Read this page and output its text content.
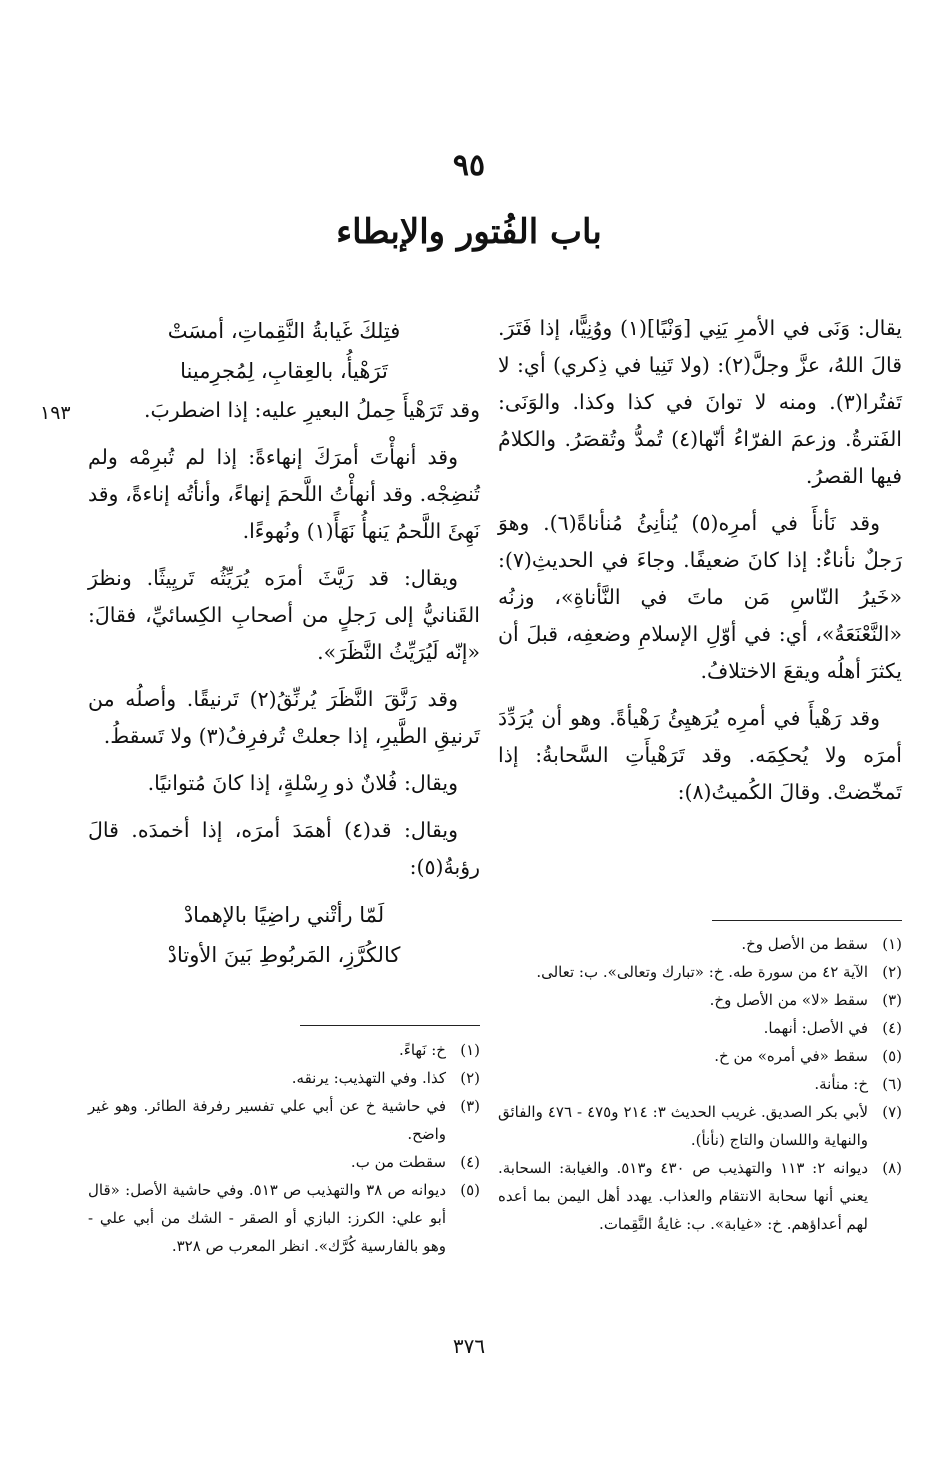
٩٥
باب الفُتور والإبطاء

يقال: وَنَى في الأمرِ يَنِي [وَنْيًا](١) ووُنِيًّا، إذا فَتَرَ. قالَ اللهُ، عزَّ وجلَّ(٢): (ولا تَنِيا في ذِكري) أي: لا تَفتُرا(٣). ومنه لا توانَ في كذا وكذا. والوَنَى: الفَترةُ. وزعمَ الفرّاءُ أنّها(٤) تُمدُّ وتُقصَرُ. والكلامُ فيها القصرُ.

وقد نَأنأَ في أمرِه(٥) يُنأنِئُ مُنأناةً(٦). وهوَ رَجلٌ نأناءٌ: إذا كانَ ضعيفًا. وجاءَ في الحديثِ(٧): «خَيرُ النّاسِ مَن ماتَ في النَّأناةِ»، وزنُه «النَّعْنَعَةُ»، أي: في أوّلِ الإسلامِ وضعفِه، قبلَ أن يكثرَ أهلُه ويقعَ الاختلافُ.

وقد رَهْيأَ في أمرِه يُرَهيِئُ رَهْيأةً. وهو أن يُرَدِّدَ أمرَه ولا يُحكِمَه. وقد تَرَهْيأَتِ السَّحابةُ: إذا تَمخّضتْ. وقالَ الكُميتُ(٨):

فتِلكَ غَيابةُ النَّقِماتِ، أمسَتْ
تَرَهْيأُ، بالعِقابِ، لِمُجرِمينا

وقد تَرَهْيأَ حِملُ البعيرِ عليه: إذا اضطربَ.

وقد أنهأْتَ أمرَكَ إنهاءةً: إذا لم تُبرِمْه ولم تُنضِجْه. وقد أنهأْتُ اللَّحمَ إنهاءً، وأنأتُه إناءةً، وقد نَهِئَ اللَّحمُ يَنهأُ نَهَأً(١) ونُهوءًا.

ويقال: قد رَيَّثَ أمرَه يُرَيِّثُه تَريِيثًا. ونظرَ القَنانيُّ إلى رَجلٍ من أصحابِ الكِسائيِّ، فقالَ: «إنّه لَيُرَيِّثُ النَّظَرَ».

وقد رَنَّقَ النَّظَرَ يُرنِّقُ(٢) تَرنيقًا. وأصلُه من تَرنيقِ الطَّيرِ، إذا جعلتْ تُرفرِفُ(٣) ولا تَسقطُ.

ويقال: فُلانٌ ذو رِسْلةٍ، إذا كانَ مُتوانيًا.

ويقال: قد(٤) أهمَدَ أمرَه، إذا أخمدَه. قالَ رؤبةُ(٥):

لَمّا رأتْني راضِيًا بالإهمادْ
كالكُرَّزِ، المَربُوطِ بَينَ الأوتادْ
١٩٣
(١)
سقط من الأصل وخ.
(٢)
الآية ٤٢ من سورة طه. خ: «تبارك وتعالى». ب: تعالى.
(٣)
سقط «لا» من الأصل وخ.
(٤)
في الأصل: أنهما.
(٥)
سقط «في أمره» من خ.
(٦)
خ: منأنة.
(٧)
لأبي بكر الصديق. غريب الحديث ٣: ٢١٤ و٤٧٥ - ٤٧٦ والفائق والنهاية واللسان والتاج (نأنأ).
(٨)
ديوانه ٢: ١١٣ والتهذيب ص ٤٣٠ و٥١٣. والغيابة: السحابة. يعني أنها سحابة الانتقام والعذاب. يهدد أهل اليمن بما أعده لهم أعداؤهم. خ: «غيابة». ب: غايةُ النَّقِمات.
(١)
خ: نَهاءً.
(٢)
كذا. وفي التهذيب: يرنقه.
(٣)
في حاشية خ عن أبي علي تفسير رفرفة الطائر. وهو غير واضح.
(٤)
سقطت من ب.
(٥)
ديوانه ص ٣٨ والتهذيب ص ٥١٣. وفي حاشية الأصل: «قال أبو علي: الكرز: البازي أو الصقر - الشك من أبي علي - وهو بالفارسية كُرَّك». انظر المعرب ص ٣٢٨.
٣٧٦
